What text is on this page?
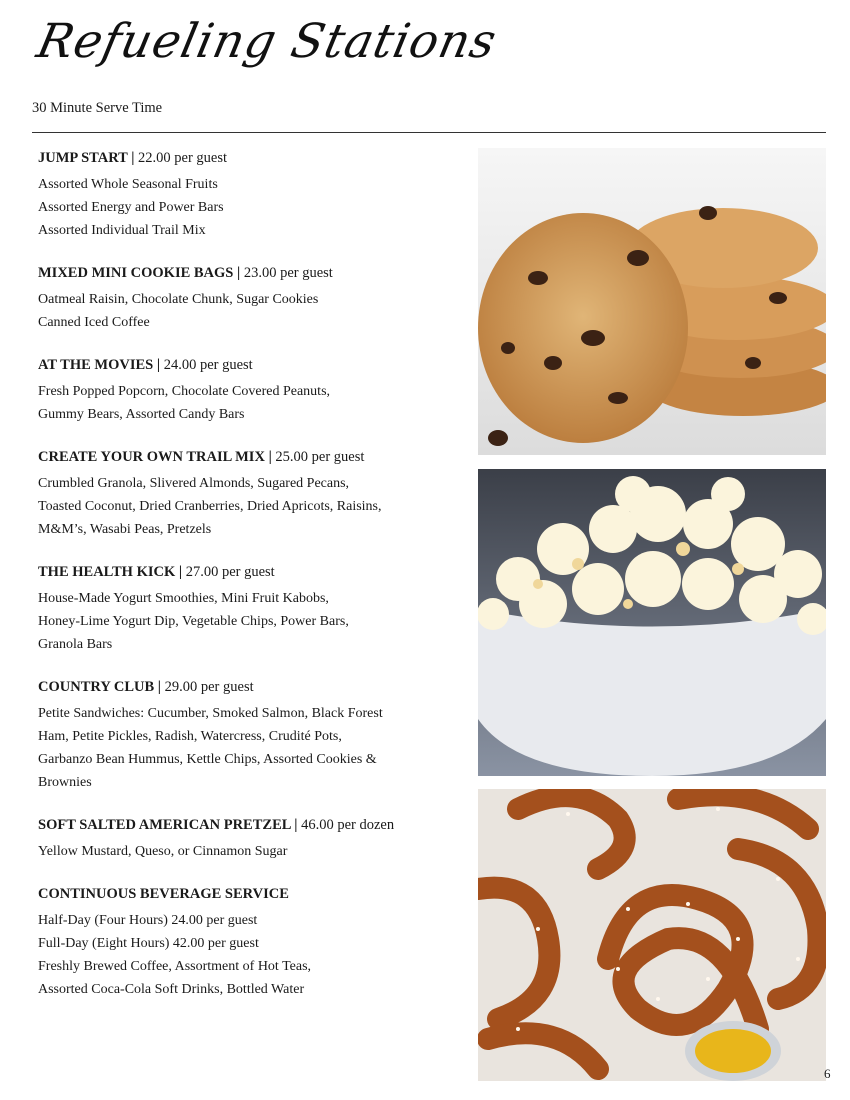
Refueling Stations
30 Minute Serve Time
JUMP START | 22.00 per guest
Assorted Whole Seasonal Fruits
Assorted Energy and Power Bars
Assorted Individual Trail Mix
MIXED MINI COOKIE BAGS | 23.00 per guest
Oatmeal Raisin, Chocolate Chunk, Sugar Cookies
Canned Iced Coffee
AT THE MOVIES | 24.00 per guest
Fresh Popped Popcorn, Chocolate Covered Peanuts,
Gummy Bears, Assorted Candy Bars
CREATE YOUR OWN TRAIL MIX | 25.00 per guest
Crumbled Granola, Slivered Almonds, Sugared Pecans,
Toasted Coconut, Dried Cranberries, Dried Apricots, Raisins,
M&M’s, Wasabi Peas, Pretzels
THE HEALTH KICK | 27.00 per guest
House-Made Yogurt Smoothies, Mini Fruit Kabobs,
Honey-Lime Yogurt Dip, Vegetable Chips, Power Bars,
Granola Bars
COUNTRY CLUB | 29.00 per guest
Petite Sandwiches: Cucumber, Smoked Salmon, Black Forest
Ham, Petite Pickles, Radish, Watercress, Crudité Pots,
Garbanzo Bean Hummus, Kettle Chips, Assorted Cookies &
Brownies
SOFT SALTED AMERICAN PRETZEL | 46.00 per dozen
Yellow Mustard, Queso, or Cinnamon Sugar
CONTINUOUS BEVERAGE SERVICE
Half-Day (Four Hours) 24.00 per guest
Full-Day (Eight Hours) 42.00 per guest
Freshly Brewed Coffee, Assortment of Hot Teas,
Assorted Coca-Cola Soft Drinks, Bottled Water
6
